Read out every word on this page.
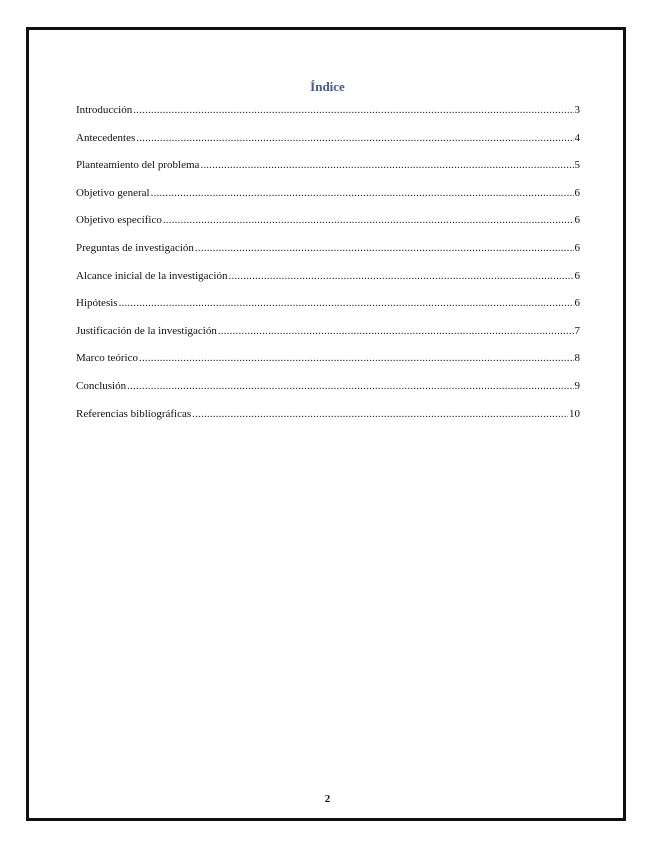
Índice
Introducción .....	3
Antecedentes .....	4
Planteamiento del problema .....	5
Objetivo general .....	6
Objetivo específico .....	6
Preguntas de investigación .....	6
Alcance inicial de la investigación .....	6
Hipótesis .....	6
Justificación de la investigación .....	7
Marco teórico .....	8
Conclusión .....	9
Referencias bibliográficas .....	10
2
